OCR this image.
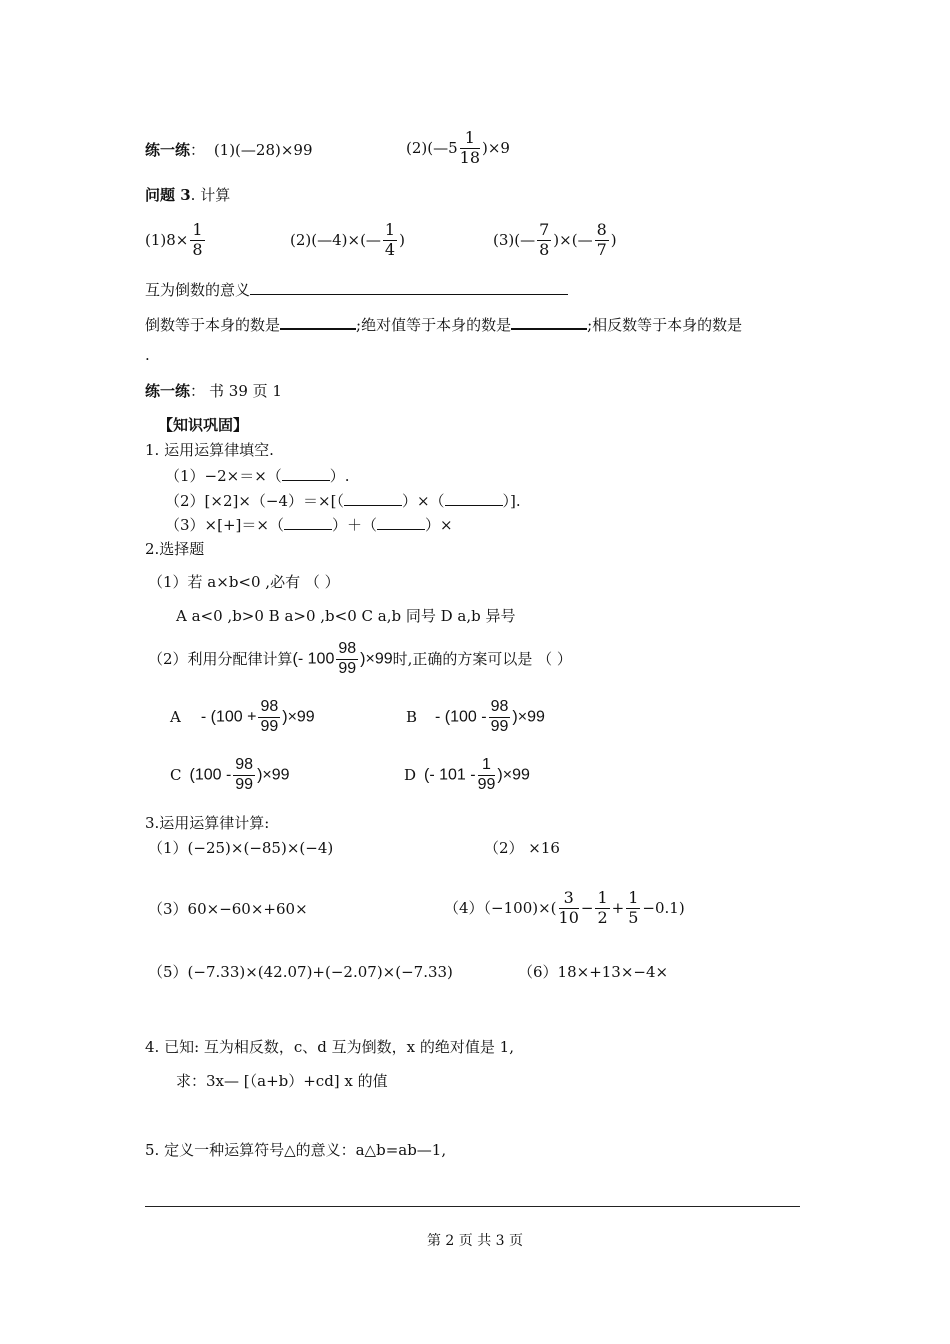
练一练： (1)(—28)×99	(2)(—5 $\frac{1}{18} )\times 9$
问题 3. 计算
$(1)8\times \frac{1}{8}$	(2)(—4)×(— $\frac{1}{4}$ )	(3)(— $\frac{7}{8}$ )×(— $\frac{8}{7}$ )
互为倒数的意义
倒数等于本身的数是	;绝对值等于本身的数是	;相反数等于本身的数是
.
练一练： 书 39 页 1
【知识巩固】
1. 运用运算律填空.
（1）−2×＝×（	）.
（2）[×2]×（−4）＝×[（	）×（	）].
（3）×[+]＝×（	）＋（	）×
2.选择题
（1）若 a×b<0 ,必有 （ ）
A a<0 ,b>0 B a>0 ,b<0 C a,b 同号 D a,b 异号
（2）利用分配律计算(- $100 \frac{98}{99} )\times 99$时,正确的方案可以是 （ ）
$A - (100 + \frac{98}{99} )\times 99$	$B - (100 - \frac{98}{99} )\times 99$
C $(100 - \frac{98}{99} )\times 99$	D (- $101 - \frac{1}{99} )\times 99$
3.运用运算律计算:
（1）(−25)×(−85)×(−4)	（2） ×16
（3）60×−60×+60×	$(4)(-100)\times( \frac{3}{10} - \frac{1}{2} + \frac{1}{5} -0.1)$
（5）(−7.33)×(42.07)+(−2.07)×(−7.33)	（6）18×+13×−4×
4. 已知: 互为相反数，c、d 互为倒数，x 的绝对值是 1,
求：3x— [（a+b）+cd] x 的值
5. 定义一种运算符号△的意义：a△b=ab—1,
第 2 页 共 3 页
